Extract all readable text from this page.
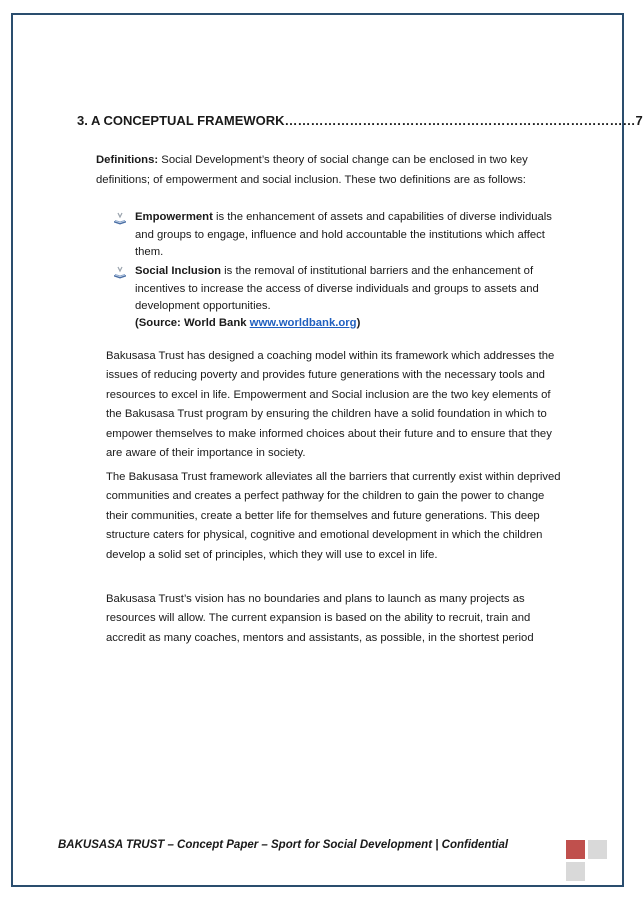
3. A CONCEPTUAL FRAMEWORK………………………………………………………………………7
Definitions: Social Development’s theory of social change can be enclosed in two key definitions; of empowerment and social inclusion. These two definitions are as follows:
Empowerment is the enhancement of assets and capabilities of diverse individuals and groups to engage, influence and hold accountable the institutions which affect them.
Social Inclusion is the removal of institutional barriers and the enhancement of incentives to increase the access of diverse individuals and groups to assets and development opportunities.
(Source: World Bank www.worldbank.org)
Bakusasa Trust has designed a coaching model within its framework which addresses the issues of reducing poverty and provides future generations with the necessary tools and resources to excel in life. Empowerment and Social inclusion are the two key elements of the Bakusasa Trust program by ensuring the children have a solid foundation in which to empower themselves to make informed choices about their future and to ensure that they are aware of their importance in society.
The Bakusasa Trust framework alleviates all the barriers that currently exist within deprived communities and creates a perfect pathway for the children to gain the power to change their communities, create a better life for themselves and future generations. This deep structure caters for physical, cognitive and emotional development in which the children develop a solid set of principles, which they will use to excel in life.
Bakusasa Trust’s vision has no boundaries and plans to launch as many projects as resources will allow. The current expansion is based on the ability to recruit, train and accredit as many coaches, mentors and assistants, as possible, in the shortest period
BAKUSASA TRUST – Concept Paper – Sport for Social Development | Confidential
